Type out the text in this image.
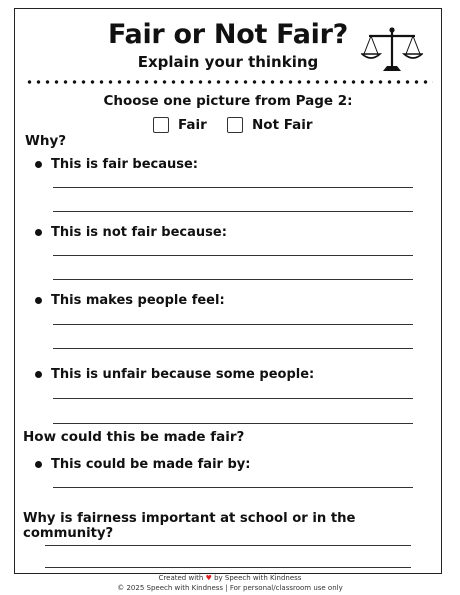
Fair or Not Fair?
Explain your thinking
Choose one picture from Page 2:
Fair	Not Fair
Why?
This is fair because:
This is not fair because:
This makes people feel:
This is unfair because some people:
How could this be made fair?
This could be made fair by:
Why is fairness important at school or in the community?
Created with ♥ by Speech with Kindness
© 2025 Speech with Kindness | For personal/classroom use only
